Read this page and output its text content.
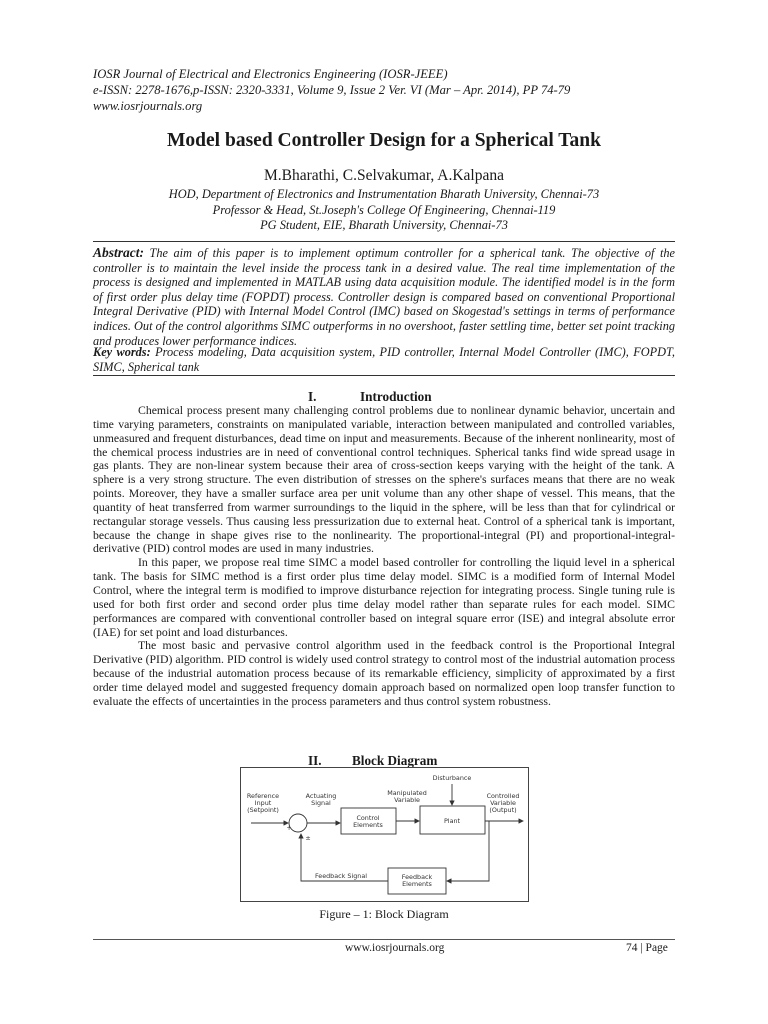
IOSR Journal of Electrical and Electronics Engineering (IOSR-JEEE)
e-ISSN: 2278-1676,p-ISSN: 2320-3331, Volume 9, Issue 2 Ver. VI (Mar – Apr. 2014), PP 74-79
www.iosrjournals.org
Model based Controller Design for a Spherical Tank
M.Bharathi, C.Selvakumar, A.Kalpana
HOD, Department of Electronics and Instrumentation Bharath University, Chennai-73
Professor & Head, St.Joseph's College Of Engineering, Chennai-119
PG Student, EIE, Bharath University, Chennai-73
Abstract: The aim of this paper is to implement optimum controller for a spherical tank. The objective of the controller is to maintain the level inside the process tank in a desired value. The real time implementation of the process is designed and implemented in MATLAB using data acquisition module. The identified model is in the form of first order plus delay time (FOPDT) process. Controller design is compared based on conventional Proportional Integral Derivative (PID) with Internal Model Control (IMC) based on Skogestad's settings in terms of performance indices. Out of the control algorithms SIMC outperforms in no overshoot, faster settling time, better set point tracking and produces lower performance indices.
Key words: Process modeling, Data acquisition system, PID controller, Internal Model Controller (IMC), FOPDT, SIMC, Spherical tank
I.	Introduction

Chemical process present many challenging control problems due to nonlinear dynamic behavior, uncertain and time varying parameters, constraints on manipulated variable, interaction between manipulated and controlled variables, unmeasured and frequent disturbances, dead time on input and measurements. Because of the inherent nonlinearity, most of the chemical process industries are in need of conventional control techniques. Spherical tanks find wide spread usage in gas plants. They are non-linear system because their area of cross-section keeps varying with the height of the tank. A sphere is a very strong structure. The even distribution of stresses on the sphere's surfaces means that there are no weak points. Moreover, they have a smaller surface area per unit volume than any other shape of vessel. This means, that the quantity of heat transferred from warmer surroundings to the liquid in the sphere, will be less than that for cylindrical or rectangular storage vessels. Thus causing less pressurization due to external heat. Control of a spherical tank is important, because the change in shape gives rise to the nonlinearity. The proportional-integral (PI) and proportional-integral-derivative (PID) control modes are used in many industries.

In this paper, we propose real time SIMC a model based controller for controlling the liquid level in a spherical tank. The basis for SIMC method is a first order plus time delay model. SIMC is a modified form of Internal Model Control, where the integral term is modified to improve disturbance rejection for integrating process. Single tuning rule is used for both first order and second order plus time delay model rather than separate rules for each model. SIMC performances are compared with conventional controller based on integral square error (ISE) and integral absolute error (IAE) for set point and load disturbances.

The most basic and pervasive control algorithm used in the feedback control is the Proportional Integral Derivative (PID) algorithm. PID control is widely used control strategy to control most of the industrial automation process because of the industrial automation process because of its remarkable efficiency, simplicity of approximated by a first order time delayed model and suggested frequency domain approach based on normalized open loop transfer function to evaluate the effects of uncertainties in the process parameters and thus control system robustness.

II. Block Diagram
Disturbance
Reference
Input
(Setpoint)
Actuating
Signal
Manipulated
Variable	Controlled
Variable
(Output)
Control
Elements	Plant
Feedback Signal	Feedback
Elements
+
±
Figure – 1: Block Diagram
www.iosrjournals.org	74 | Page
